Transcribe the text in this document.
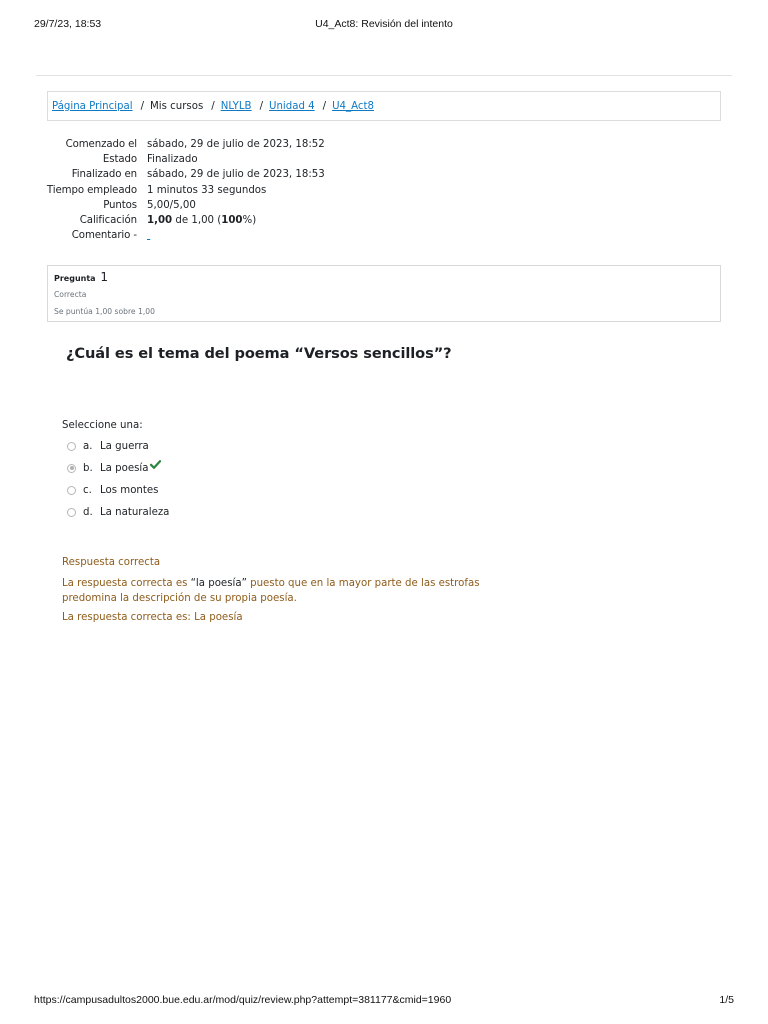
29/7/23, 18:53	U4_Act8: Revisión del intento
Página Principal / Mis cursos / NLYLB / Unidad 4 / U4_Act8
Comenzado el sábado, 29 de julio de 2023, 18:52
Estado Finalizado
Finalizado en sábado, 29 de julio de 2023, 18:53
Tiempo empleado 1 minutos 33 segundos
Puntos 5,00/5,00
Calificación 1,00 de 1,00 (100%)
Comentario -

Pregunta 1
Correcta
Se puntúa 1,00 sobre 1,00
¿Cuál es el tema del poema “Versos sencillos”?
Seleccione una:
a. La guerra
b. La poesía
c. Los montes
d. La naturaleza
Respuesta correcta
La respuesta correcta es “la poesía” puesto que en la mayor parte de las estrofas predomina la descripción de su propia poesía.
La respuesta correcta es: La poesía
https://campusadultos2000.bue.edu.ar/mod/quiz/review.php?attempt=381177&cmid=1960	1/5
